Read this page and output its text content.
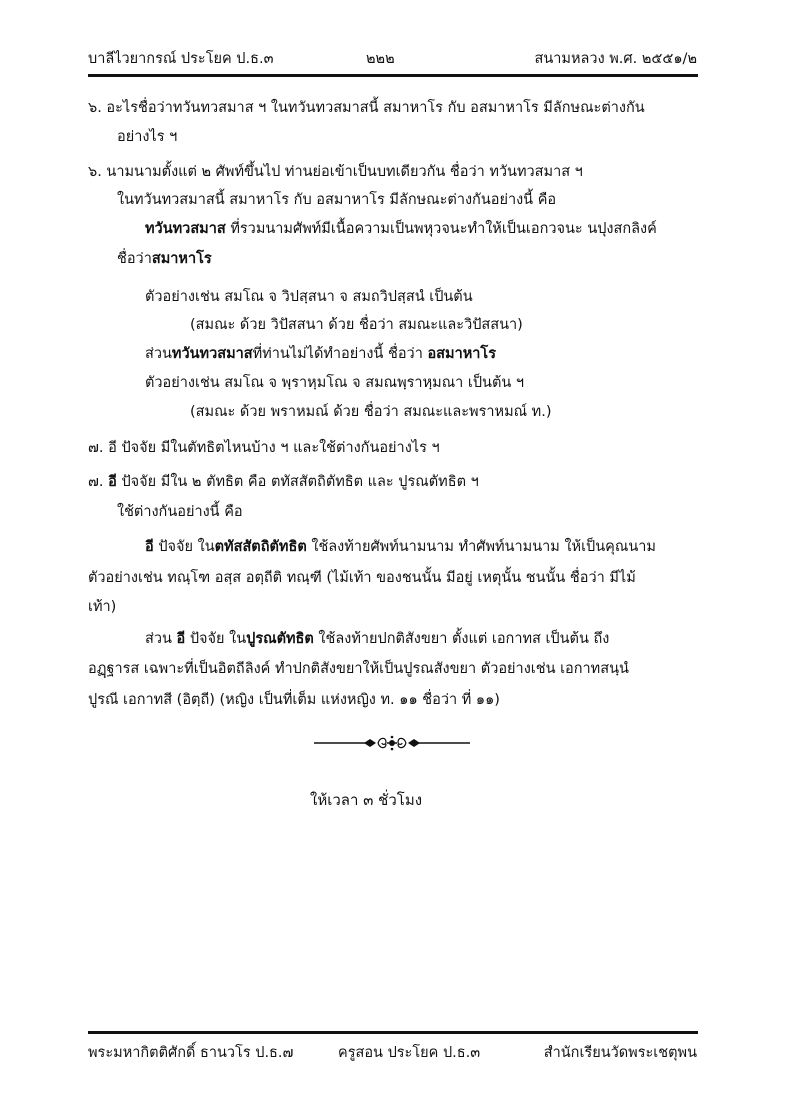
บาลีไวยากรณ์ ประโยค ป.ธ.๓	๒๒๒	สนามหลวง พ.ศ. ๒๕๕๑/๒
๖. อะไรชื่อว่าทวันทวสมาส ฯ ในทวันทวสมาสนี้ สมาหาโร กับ อสมาหาโร มีลักษณะต่างกัน
อย่างไร ฯ
๖. นามนามตั้งแต่ ๒ ศัพท์ขึ้นไป ท่านย่อเข้าเป็นบทเดียวกัน ชื่อว่า ทวันทวสมาส ฯ
ในทวันทวสมาสนี้ สมาหาโร กับ อสมาหาโร มีลักษณะต่างกันอย่างนี้ คือ
ทวันทวสมาส ที่รวมนามศัพท์มีเนื้อความเป็นพหุวจนะทำให้เป็นเอกวจนะ นปุงสกลิงค์
ชื่อว่าสมาหาโร
ตัวอย่างเช่น สมโณ จ วิปสฺสนา จ สมถวิปสฺสนํ เป็นต้น
(สมณะ ด้วย วิปัสสนา ด้วย ชื่อว่า สมณะและวิปัสสนา)
ส่วนทวันทวสมาสที่ท่านไม่ได้ทำอย่างนี้ ชื่อว่า อสมาหาโร
ตัวอย่างเช่น สมโณ จ พฺราหฺมโณ จ สมณพฺราหฺมณา เป็นต้น ฯ
(สมณะ ด้วย พราหมณ์ ด้วย ชื่อว่า สมณะและพราหมณ์ ท.)
๗. อี ปัจจัย มีในตัทธิตไหนบ้าง ฯ และใช้ต่างกันอย่างไร ฯ
๗. อี ปัจจัย มีใน ๒ ตัทธิต คือ ตทัสสัตถิตัทธิต และ ปูรณตัทธิต ฯ
ใช้ต่างกันอย่างนี้ คือ
อี ปัจจัย ในตทัสสัตถิตัทธิต ใช้ลงท้ายศัพท์นามนาม ทำศัพท์นามนาม ให้เป็นคุณนาม
ตัวอย่างเช่น ทณฺโฑ อสฺส อตฺถีติ ทณฺฑี (ไม้เท้า ของชนนั้น มีอยู่ เหตุนั้น ชนนั้น ชื่อว่า มีไม้
เท้า)
ส่วน อี ปัจจัย ในปูรณตัทธิต ใช้ลงท้ายปกติสังขยา ตั้งแต่ เอกาทส เป็นต้น ถึง
อฏฺฐารส เฉพาะที่เป็นอิตถีลิงค์ ทำปกติสังขยาให้เป็นปูรณสังขยา ตัวอย่างเช่น เอกาทสนฺนํ
ปูรณี เอกาทสี (อิตฺถี) (หญิง เป็นที่เต็ม แห่งหญิง ท. ๑๑ ชื่อว่า ที่ ๑๑)
ให้เวลา ๓ ชั่วโมง
พระมหากิตติศักดิ์ ธานวโร ป.ธ.๗	ครูสอน ประโยค ป.ธ.๓	สำนักเรียนวัดพระเชตุพน
